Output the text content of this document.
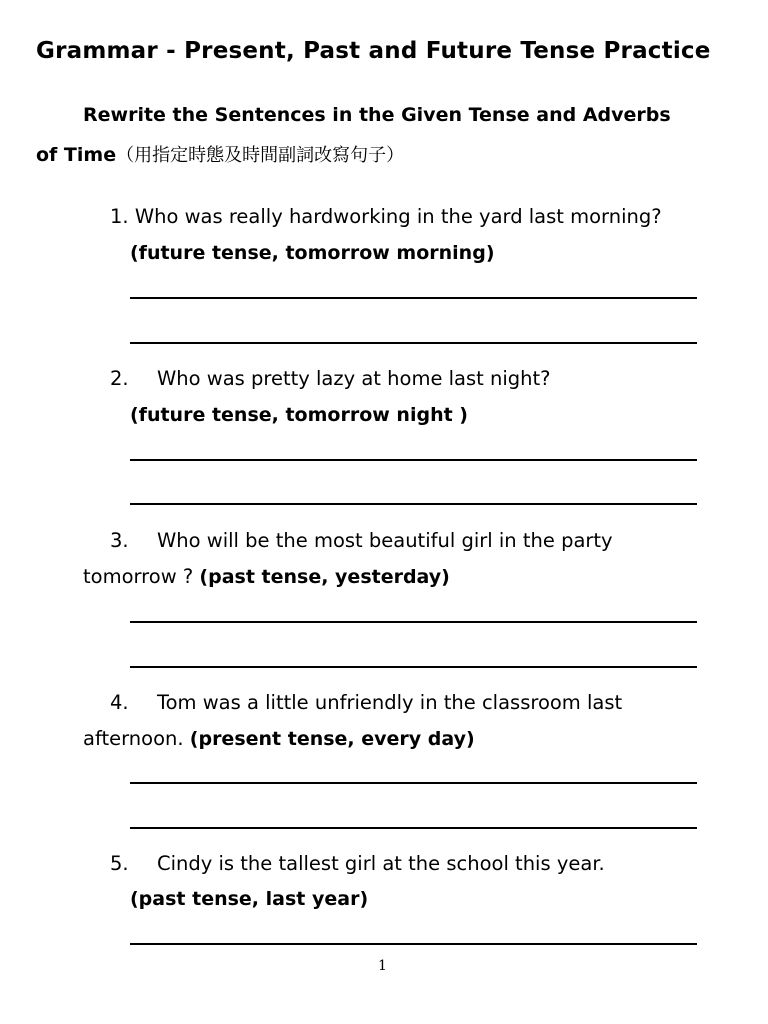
Grammar - Present, Past and Future Tense Practice
Rewrite the Sentences in the Given Tense and Adverbs
of Time（用指定時態及時間副詞改寫句子）
1. Who was really hardworking in the yard last morning?
(future tense, tomorrow morning)
2. Who was pretty lazy at home last night?
(future tense, tomorrow night )
3. Who will be the most beautiful girl in the party
tomorrow ? (past tense, yesterday)
4. Tom was a little unfriendly in the classroom last
afternoon. (present tense, every day)
5. Cindy is the tallest girl at the school this year.
(past tense, last year)
1
